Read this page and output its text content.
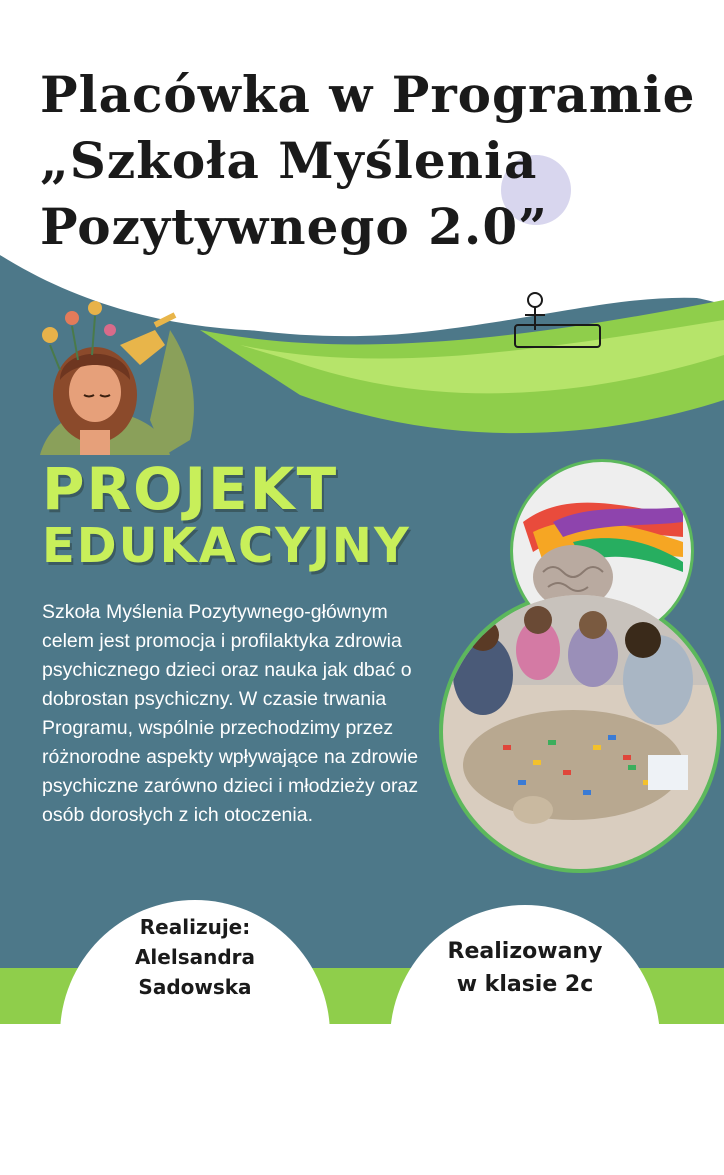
Placówka w Programie
„Szkoła Myślenia
Pozytywnego 2.0”
PROJEKT
EDUKACYJNY
Szkoła Myślenia Pozytywnego-głównym celem jest promocja i profilaktyka zdrowia psychicznego dzieci oraz nauka jak dbać o dobrostan psychiczny. W czasie trwania Programu, wspólnie przechodzimy przez różnorodne aspekty wpływające na zdrowie psychiczne zarówno dzieci i młodzieży oraz osób dorosłych z ich otoczenia.
Realizuje:
Alelsandra
Sadowska
Realizowany
w klasie 2c
